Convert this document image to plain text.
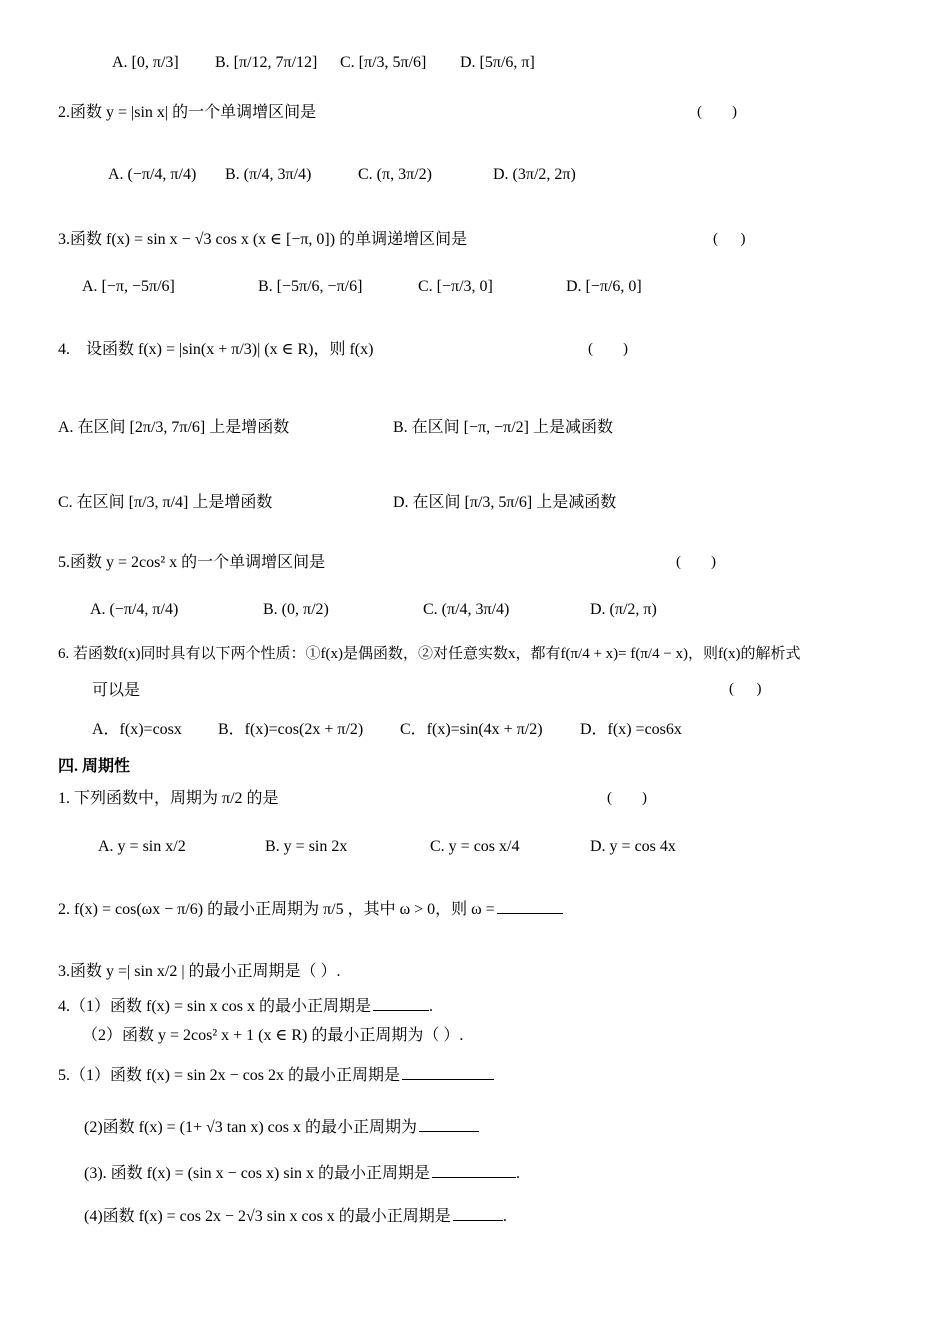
A. [0, π/3] B. [π/12, 7π/12] C. [π/3, 5π/6] D. [5π/6, π]
2.函数 y = |sin x| 的一个单调增区间是	(        )
A. (−π/4, π/4) B. (π/4, 3π/4)	C. (π, 3π/2)	D. (3π/2, 2π)
3.函数 f(x) = sin x − √3 cos x (x ∈ [−π, 0]) 的单调递增区间是	(      )
A. [−π, −5π/6]	B. [−5π/6, −π/6]	C. [−π/3, 0]	D. [−π/6, 0]
4.　设函数 f(x) = |sin(x + π/3)| (x ∈ R)，则 f(x)	(        )
A. 在区间 [2π/3, 7π/6] 上是增函数	B. 在区间 [−π, −π/2] 上是减函数
C. 在区间 [π/3, π/4] 上是增函数	D. 在区间 [π/3, 5π/6] 上是减函数
5.函数 y = 2cos² x 的一个单调增区间是	(        )
A. (−π/4, π/4)	B. (0, π/2)	C. (π/4, 3π/4)	D. (π/2, π)
6. 若函数f(x)同时具有以下两个性质：①f(x)是偶函数，②对任意实数x，都有f(π/4 + x)= f(π/4 − x)，则f(x)的解析式
可以是	(      )
A．f(x)=cosx B．f(x)=cos(2x + π/2) C．f(x)=sin(4x + π/2) D．f(x) =cos6x
四. 周期性
1. 下列函数中，周期为 π/2 的是	(        )
A. y = sin x/2	B. y = sin 2x	C. y = cos x/4	D. y = cos 4x
2. f(x) = cos(ωx − π/6) 的最小正周期为 π/5 ，其中 ω > 0，则 ω =
3.函数 y =| sin x/2 | 的最小正周期是（ ）.
4.（1）函数 f(x) = sin x cos x 的最小正周期是	.
（2）函数 y = 2cos² x + 1 (x ∈ R) 的最小正周期为（ ）.
5.（1）函数 f(x) = sin 2x − cos 2x 的最小正周期是
(2)函数 f(x) = (1+ √3 tan x) cos x 的最小正周期为
(3). 函数 f(x) = (sin x − cos x) sin x 的最小正周期是	.
(4)函数 f(x) = cos 2x − 2√3 sin x cos x 的最小正周期是	.
